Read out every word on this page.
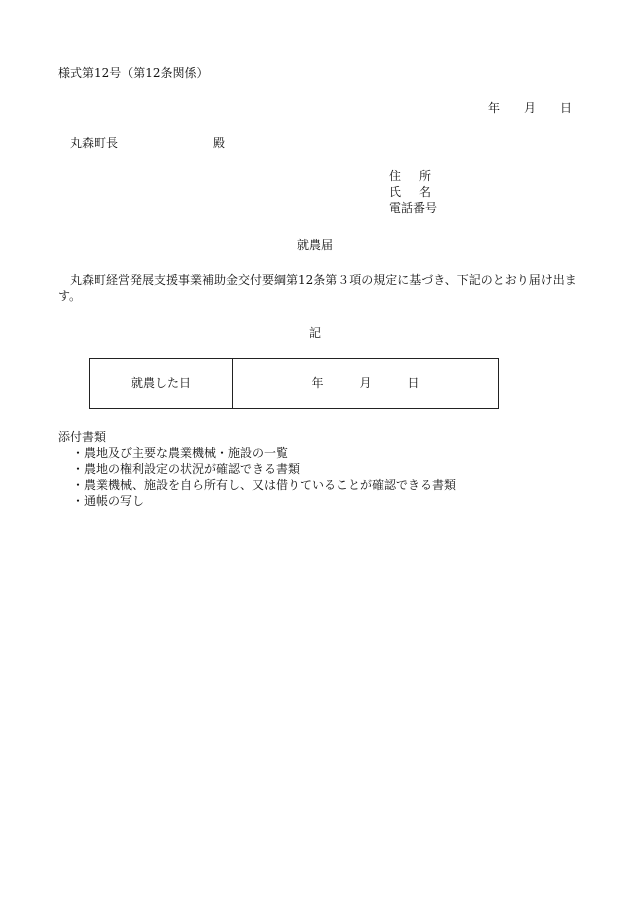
様式第12号（第12条関係）
年 月 日
丸森町長	殿
住 所
氏 名
電話番号
就農届
丸森町経営発展支援事業補助金交付要綱第12条第３項の規定に基づき、下記のとおり届け出ます。
記
就農した日	年	月	日
添付書類
・ 農地及び主要な農業機械・施設の一覧
・ 農地の権利設定の状況が確認できる書類
・ 農業機械、施設を自ら所有し、又は借りていることが確認できる書類
・ 通帳の写し
